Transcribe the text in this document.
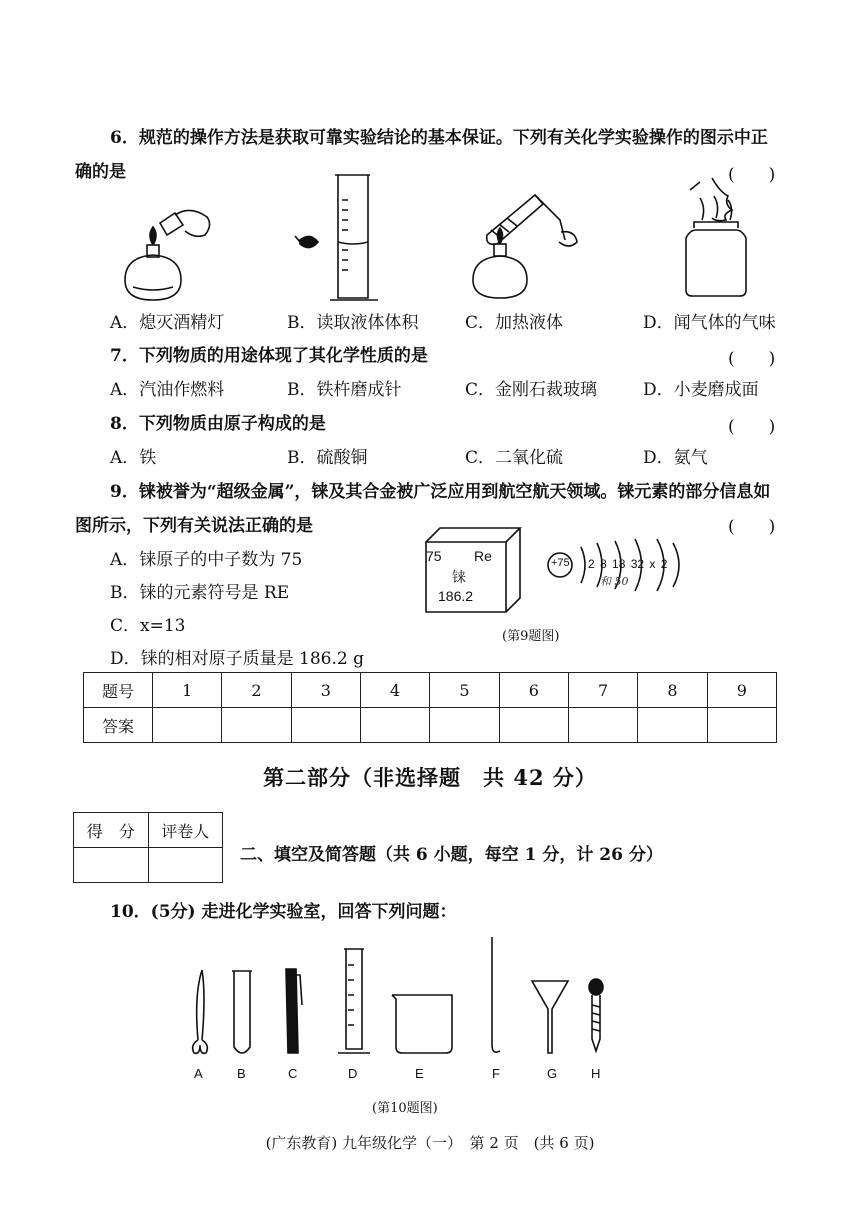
6．规范的操作方法是获取可靠实验结论的基本保证。下列有关化学实验操作的图示中正
确的是	(　　)
A．熄灭酒精灯	B．读取液体体积	C．加热液体	D．闻气体的气味
7．下列物质的用途体现了其化学性质的是	(　　)
A．汽油作燃料	B．铁杵磨成针	C．金刚石裁玻璃	D．小麦磨成面
8．下列物质由原子构成的是	(　　)
A．铁	B．硫酸铜	C．二氧化硫	D．氨气
9．铼被誉为“超级金属”，铼及其合金被广泛应用到航空航天领域。铼元素的部分信息如
图所示，下列有关说法正确的是	(　　)
A．铼原子的中子数为 75
B．铼的元素符号是 RE
C．x=13
D．铼的相对原子质量是 186.2 g
75 Re
铼
186.2
+75 2 8 18 32 x 2
和 50
(第9题图)
题号	1	2	3	4	5	6	7	8	9
答案									
第二部分（非选择题　共 42 分）
得　分	评卷人

二、填空及简答题（共 6 小题，每空 1 分，计 26 分）
10．(5分) 走进化学实验室，回答下列问题：
A	B	C	D	E	F	G	H
(第10题图)
(广东教育) 九年级化学（一）　第 2 页　(共 6 页)
